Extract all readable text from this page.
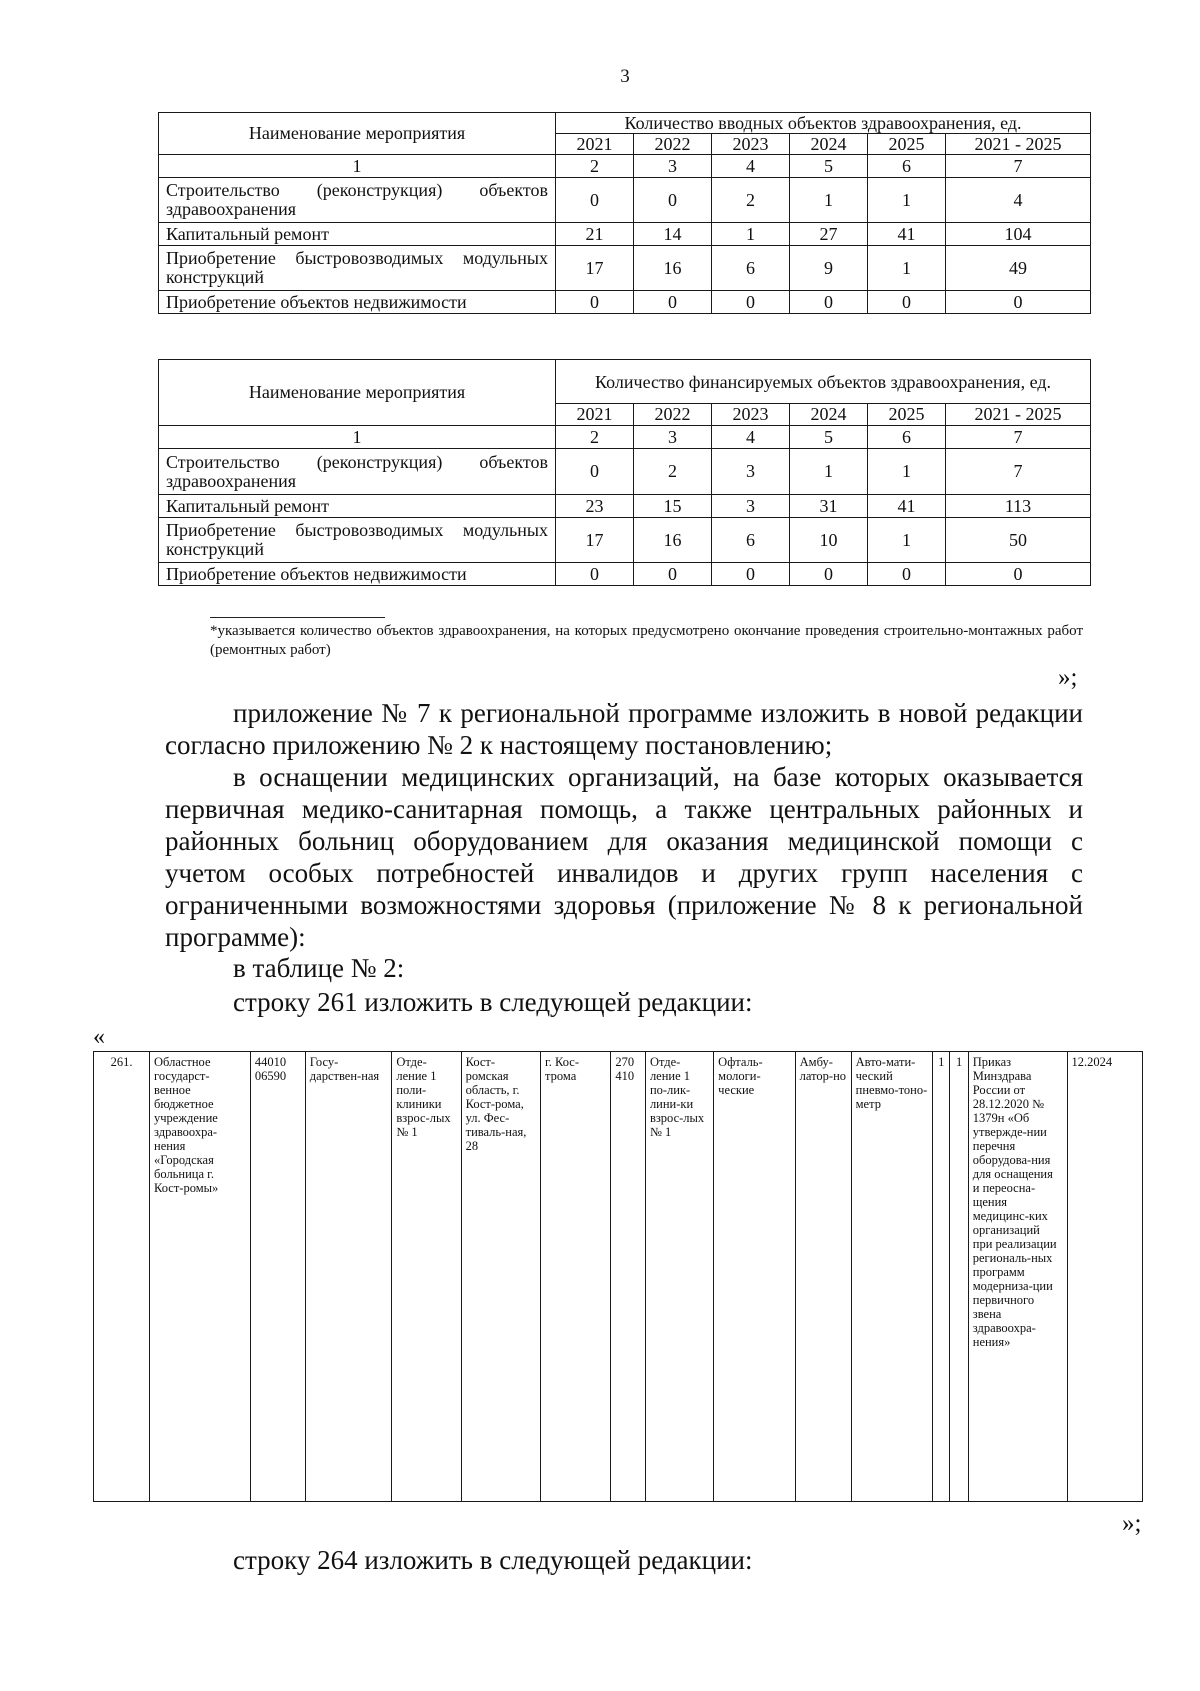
3
Наименование мероприятия	Количество вводных объектов здравоохранения, ед.					
	2021	2022	2023	2024	2025	2021 - 2025
1	2	3	4	5	6	7
Строительство (реконструкция) объектов здравоохранения	0	0	2	1	1	4
Капитальный ремонт	21	14	1	27	41	104
Приобретение быстровозводимых модульных конструкций	17	16	6	9	1	49
Приобретение объектов недвижимости	0	0	0	0	0	0
Наименование мероприятия	Количество финансируемых объектов здравоохранения, ед.					
	2021	2022	2023	2024	2025	2021 - 2025
1	2	3	4	5	6	7
Строительство (реконструкция) объектов здравоохранения	0	2	3	1	1	7
Капитальный ремонт	23	15	3	31	41	113
Приобретение быстровозводимых модульных конструкций	17	16	6	10	1	50
Приобретение объектов недвижимости	0	0	0	0	0	0
*указывается количество объектов здравоохранения, на которых предусмотрено окончание проведения строительно-монтажных работ (ремонтных работ)
»;
приложение № 7 к региональной программе изложить в новой редакции согласно приложению № 2 к настоящему постановлению;
в оснащении медицинских организаций, на базе которых оказывается первичная медико-санитарная помощь, а также центральных районных и районных больниц оборудованием для оказания медицинской помощи с учетом особых потребностей инвалидов и других групп населения с ограниченными возможностями здоровья (приложение № 8 к региональной программе):
в таблице № 2:
строку 261 изложить в следующей редакции:
«
261.	Областное государст-венное бюджетное учреждение здравоохра-нения «Городская больница г. Кост-ромы»	44010 06590	Госу-дарствен-ная	Отде-ление 1 поли-клиники взрос-лых № 1	Кост-ромская область, г. Кост-рома, ул. Фес-тиваль-ная, 28	г. Кос-трома	270 410	Отде-ление 1 по-лик-лини-ки взрос-лых № 1	Офталь-мологи-ческие	Амбу-латор-но	Авто-мати-ческий пневмо-тоно-метр	1	1	Приказ Минздрава России от 28.12.2020 № 1379н «Об утвержде-нии перечня оборудова-ния для оснащения и переосна-щения медицинс-ких организаций при реализации региональ-ных программ модерниза-ции первичного звена здравоохра-нения»	12.2024
»;
строку 264 изложить в следующей редакции:
